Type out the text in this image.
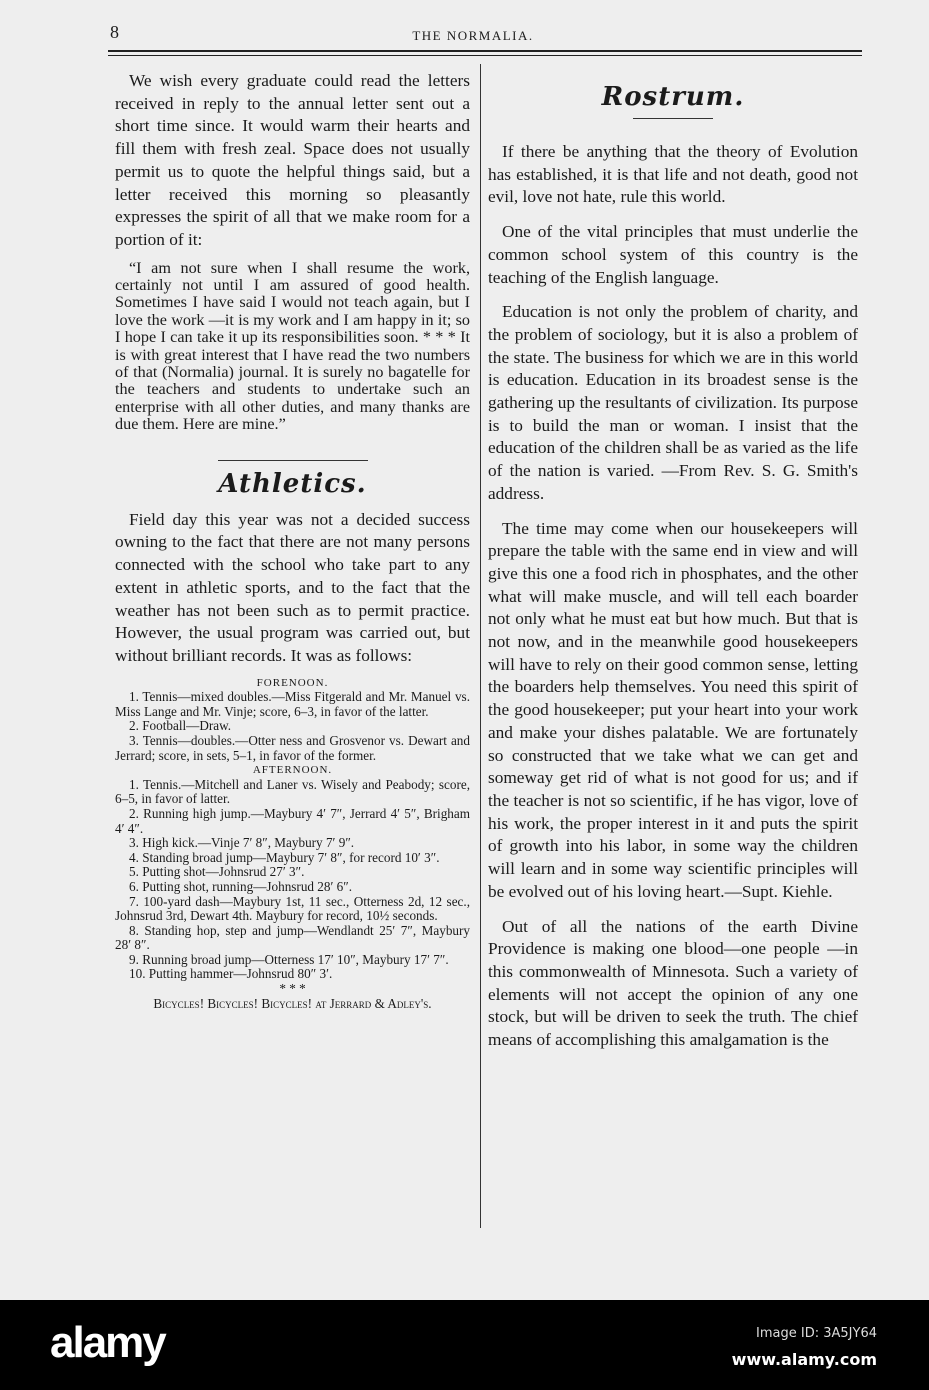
8	THE NORMALIA.

We wish every graduate could read the letters received in reply to the annual letter sent out a short time since. It would warm their hearts and fill them with fresh zeal. Space does not usually permit us to quote the helpful things said, but a letter received this morning so pleasantly expresses the spirit of all that we make room for a portion of it:

“I am not sure when I shall resume the work, certainly not until I am assured of good health. Sometimes I have said I would not teach again, but I love the work —it is my work and I am happy in it; so I hope I can take it up its responsibilities soon. * * * It is with great interest that I have read the two numbers of that (Normalia) journal. It is surely no bagatelle for the teachers and students to undertake such an enterprise with all other duties, and many thanks are due them. Here are mine.”

Athletics.

Field day this year was not a decided success owning to the fact that there are not many persons connected with the school who take part to any extent in athletic sports, and to the fact that the weather has not been such as to permit practice. However, the usual program was carried out, but without brilliant records. It was as follows:

FORENOON.

1. Tennis—mixed doubles.—Miss Fitgerald and Mr. Manuel vs. Miss Lange and Mr. Vinje; score, 6–3, in favor of the latter.

2. Football—Draw.

3. Tennis—doubles.—Otter ness and Grosvenor vs. Dewart and Jerrard; score, in sets, 5–1, in favor of the former.

AFTERNOON.

1. Tennis.—Mitchell and Laner vs. Wisely and Peabody; score, 6–5, in favor of latter.

2. Running high jump.—Maybury 4′ 7″, Jerrard 4′ 5″, Brigham 4′ 4″.

3. High kick.—Vinje 7′ 8″, Maybury 7′ 9″.

4. Standing broad jump—Maybury 7′ 8″, for record 10′ 3″.

5. Putting shot—Johnsrud 27′ 3″.

6. Putting shot, running—Johnsrud 28′ 6″.

7. 100-yard dash—Maybury 1st, 11 sec., Otterness 2d, 12 sec., Johnsrud 3rd, Dewart 4th. Maybury for record, 10½ seconds.

8. Standing hop, step and jump—Wendlandt 25′ 7″, Maybury 28′ 8″.

9. Running broad jump—Otterness 17′ 10″, Maybury 17′ 7″.

10. Putting hammer—Johnsrud 80″ 3′.

* * *

Bicycles! Bicycles! Bicycles! at Jerrard & Adley's.

Rostrum.

If there be anything that the theory of Evolution has established, it is that life and not death, good not evil, love not hate, rule this world.

One of the vital principles that must underlie the common school system of this country is the teaching of the English language.

Education is not only the problem of charity, and the problem of sociology, but it is also a problem of the state. The business for which we are in this world is education. Education in its broadest sense is the gathering up the resultants of civilization. Its purpose is to build the man or woman. I insist that the education of the children shall be as varied as the life of the nation is varied. —From Rev. S. G. Smith's address.

The time may come when our housekeepers will prepare the table with the same end in view and will give this one a food rich in phosphates, and the other what will make muscle, and will tell each boarder not only what he must eat but how much. But that is not now, and in the meanwhile good housekeepers will have to rely on their good common sense, letting the boarders help themselves. You need this spirit of the good housekeeper; put your heart into your work and make your dishes palatable. We are fortunately so constructed that we take what we can get and someway get rid of what is not good for us; and if the teacher is not so scientific, if he has vigor, love of his work, the proper interest in it and puts the spirit of growth into his labor, in some way the children will learn and in some way scientific principles will be evolved out of his loving heart.—Supt. Kiehle.

Out of all the nations of the earth Divine Providence is making one blood—one people —in this commonwealth of Minnesota. Such a variety of elements will not accept the opinion of any one stock, but will be driven to seek the truth. The chief means of accomplishing this amalgamation is the

alamy	Image ID: 3A5JY64
www.alamy.com
